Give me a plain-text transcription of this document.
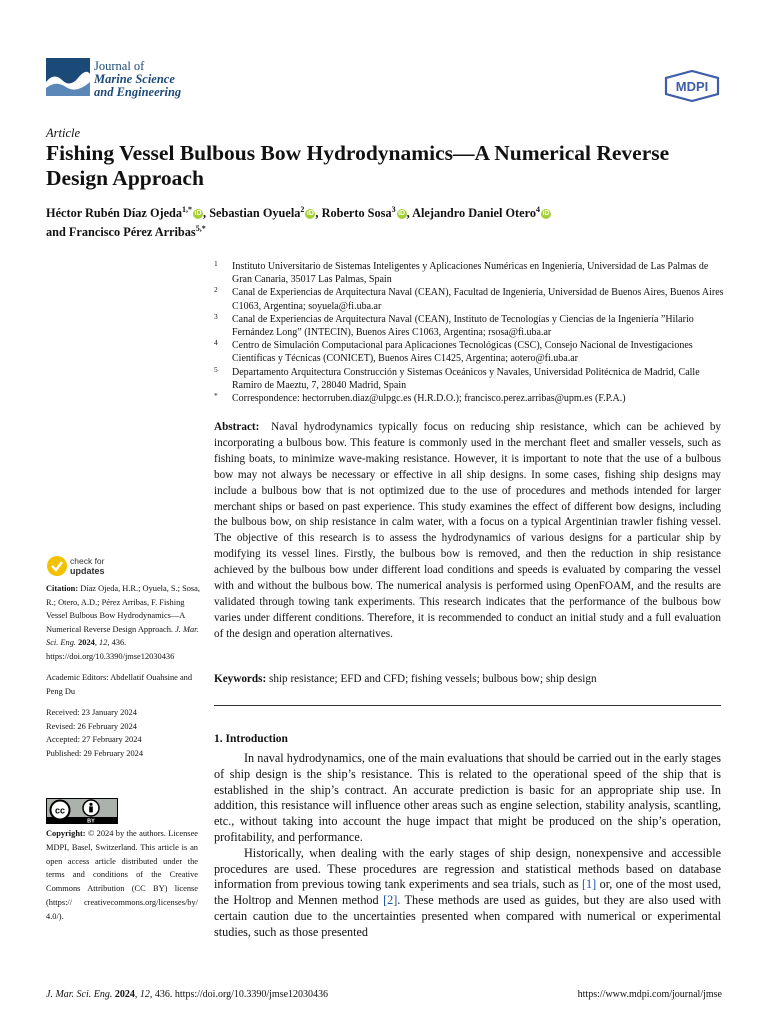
Journal of
Marine Science
and Engineering	MDPI
Article
Fishing Vessel Bulbous Bow Hydrodynamics—A Numerical Reverse Design Approach
Héctor Rubén Díaz Ojeda$^{1,*}$ iD , Sebastian Oyuela$^2$ iD , Roberto Sosa$^3$ iD , Alejandro Daniel Otero$^4$ iD
and Francisco Pérez Arribas$^{5,*}$
1 Instituto Universitario de Sistemas Inteligentes y Aplicaciones Numéricas en Ingeniería, Universidad de Las Palmas de Gran Canaria, 35017 Las Palmas, Spain
2 Canal de Experiencias de Arquitectura Naval (CEAN), Facultad de Ingeniería, Universidad de Buenos Aires, Buenos Aires C1063, Argentina; soyuela@fi.uba.ar
3 Canal de Experiencias de Arquitectura Naval (CEAN), Instituto de Tecnologías y Ciencias de la Ingeniería ”Hilario Fernández Long” (INTECIN), Buenos Aires C1063, Argentina; rsosa@fi.uba.ar
4 Centro de Simulación Computacional para Aplicaciones Tecnológicas (CSC), Consejo Nacional de Investigaciones Científicas y Técnicas (CONICET), Buenos Aires C1425, Argentina; aotero@fi.uba.ar
5 Departamento Arquitectura Construcción y Sistemas Oceánicos y Navales, Universidad Politécnica de Madrid, Calle Ramiro de Maeztu, 7, 28040 Madrid, Spain
* Correspondence: hectorruben.diaz@ulpgc.es (H.R.D.O.); francisco.perez.arribas@upm.es (F.P.A.)
Abstract: Naval hydrodynamics typically focus on reducing ship resistance, which can be achieved by incorporating a bulbous bow. This feature is commonly used in the merchant fleet and smaller vessels, such as fishing boats, to minimize wave-making resistance. However, it is important to note that the use of a bulbous bow may not always be necessary or effective in all ship designs. In some cases, fishing ship designs may include a bulbous bow that is not optimized due to the use of procedures and methods intended for larger merchant ships or based on past experience. This study examines the effect of different bow designs, including the bulbous bow, on ship resistance in calm water, with a focus on a typical Argentinian trawler fishing vessel. The objective of this research is to assess the hydrodynamics of various designs for a particular ship by modifying its vessel lines. Firstly, the bulbous bow is removed, and then the reduction in ship resistance achieved by the bulbous bow under different load conditions and speeds is evaluated by comparing the vessel with and without the bulbous bow. The numerical analysis is performed using OpenFOAM, and the results are validated through towing tank experiments. This research indicates that the performance of the bulbous bow varies under different conditions. Therefore, it is recommended to conduct an initial study and a full evaluation of the design and operation alternatives.
Keywords: ship resistance; EFD and CFD; fishing vessels; bulbous bow; ship design
1. Introduction

In naval hydrodynamics, one of the main evaluations that should be carried out in the early stages of ship design is the ship’s resistance. This is related to the operational speed of the ship that is established in the ship’s contract. An accurate prediction is basic for an appropriate ship use. In addition, this resistance will influence other areas such as engine selection, stability analysis, scantling, etc., without taking into account the huge impact that might be produced on the ship’s operation, profitability, and performance.

Historically, when dealing with the early stages of ship design, nonexpensive and accessible procedures are used. These procedures are regression and statistical methods based on database information from previous towing tank experiments and sea trials, such as [1] or, one of the most used, the Holtrop and Mennen method [2]. These methods are used as guides, but they are also used with certain caution due to the uncertainties presented when compared with numerical or experimental studies, such as those presented

check for
updates

Citation: Díaz Ojeda, H.R.; Oyuela, S.; Sosa, R.; Otero, A.D.; Pérez Arribas, F. Fishing Vessel Bulbous Bow Hydrodynamics—A Numerical Reverse Design Approach. J. Mar. Sci. Eng. 2024, 12, 436. https://doi.org/10.3390/jmse12030436

Academic Editors: Abdellatif Ouahsine and Peng Du

Received: 23 January 2024
Revised: 26 February 2024
Accepted: 27 February 2024
Published: 29 February 2024
cc
BY
Copyright: © 2024 by the authors. Licensee MDPI, Basel, Switzerland. This article is an open access article distributed under the terms and conditions of the Creative Commons Attribution (CC BY) license (https:// creativecommons.org/licenses/by/ 4.0/).
J. Mar. Sci. Eng. 2024, 12, 436. https://doi.org/10.3390/jmse12030436	https://www.mdpi.com/journal/jmse
